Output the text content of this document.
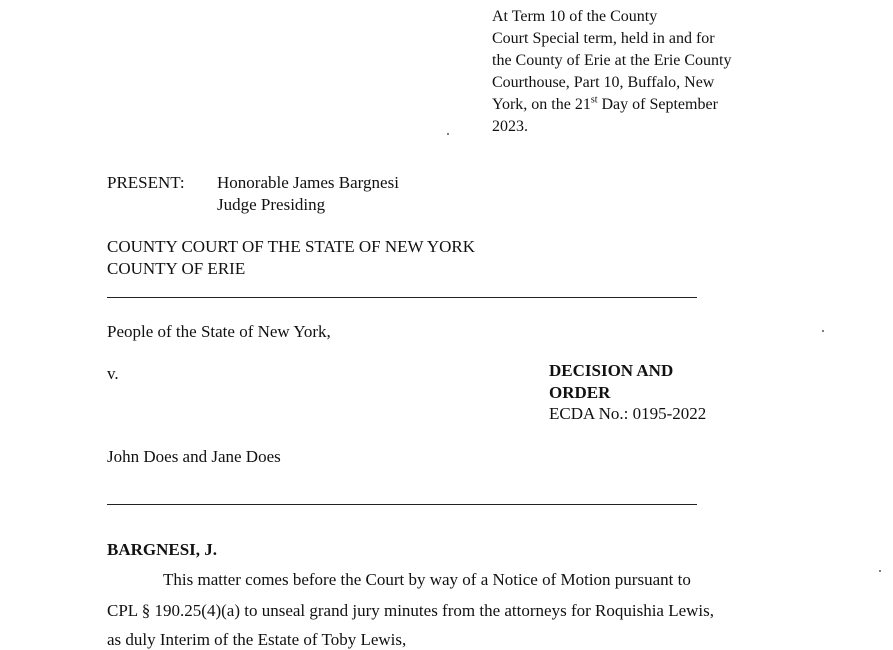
At Term 10 of the County
Court Special term, held in and for
the County of Erie at the Erie County
Courthouse, Part 10, Buffalo, New
York, on the 21st Day of September
2023.
PRESENT: Honorable James Bargnesi
Judge Presiding
COUNTY COURT OF THE STATE OF NEW YORK
COUNTY OF ERIE
People of the State of New York,
v.	DECISION AND
ORDER
ECDA No.: 0195-2022
John Does and Jane Does
BARGNESI, J.
This matter comes before the Court by way of a Notice of Motion pursuant to
CPL § 190.25(4)(a) to unseal grand jury minutes from the attorneys for Roquishia Lewis,
as duly Interim of the Estate of Toby Lewis,
